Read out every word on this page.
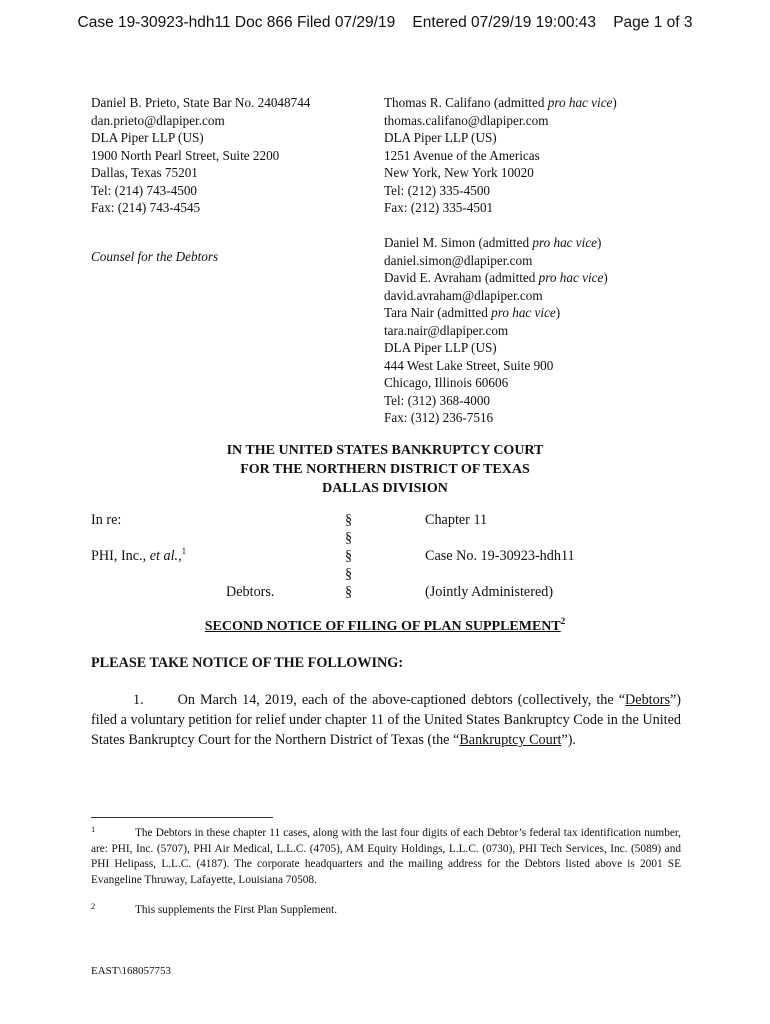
Case 19-30923-hdh11 Doc 866 Filed 07/29/19    Entered 07/29/19 19:00:43    Page 1 of 3
Daniel B. Prieto, State Bar No. 24048744
dan.prieto@dlapiper.com
DLA Piper LLP (US)
1900 North Pearl Street, Suite 2200
Dallas, Texas 75201
Tel: (214) 743-4500
Fax: (214) 743-4545
Counsel for the Debtors
Thomas R. Califano (admitted pro hac vice)
thomas.califano@dlapiper.com
DLA Piper LLP (US)
1251 Avenue of the Americas
New York, New York 10020
Tel: (212) 335-4500
Fax: (212) 335-4501
Daniel M. Simon (admitted pro hac vice)
daniel.simon@dlapiper.com
David E. Avraham (admitted pro hac vice)
david.avraham@dlapiper.com
Tara Nair (admitted pro hac vice)
tara.nair@dlapiper.com
DLA Piper LLP (US)
444 West Lake Street, Suite 900
Chicago, Illinois 60606
Tel: (312) 368-4000
Fax: (312) 236-7516
IN THE UNITED STATES BANKRUPTCY COURT
FOR THE NORTHERN DISTRICT OF TEXAS
DALLAS DIVISION
In re:
PHI, Inc., et al.,$^1$
Debtors.
§
§
§
§
§
Chapter 11
Case No. 19-30923-hdh11
(Jointly Administered)
SECOND NOTICE OF FILING OF PLAN SUPPLEMENT$^2$
PLEASE TAKE NOTICE OF THE FOLLOWING:
1. On March 14, 2019, each of the above-captioned debtors (collectively, the “Debtors”) filed a voluntary petition for relief under chapter 11 of the United States Bankruptcy Code in the United States Bankruptcy Court for the Northern District of Texas (the “Bankruptcy Court”).
1	The Debtors in these chapter 11 cases, along with the last four digits of each Debtor’s federal tax identification number, are: PHI, Inc. (5707), PHI Air Medical, L.L.C. (4705), AM Equity Holdings, L.L.C. (0730), PHI Tech Services, Inc. (5089) and PHI Helipass, L.L.C. (4187). The corporate headquarters and the mailing address for the Debtors listed above is 2001 SE Evangeline Thruway, Lafayette, Louisiana 70508.
2	This supplements the First Plan Supplement.
EAST\168057753
